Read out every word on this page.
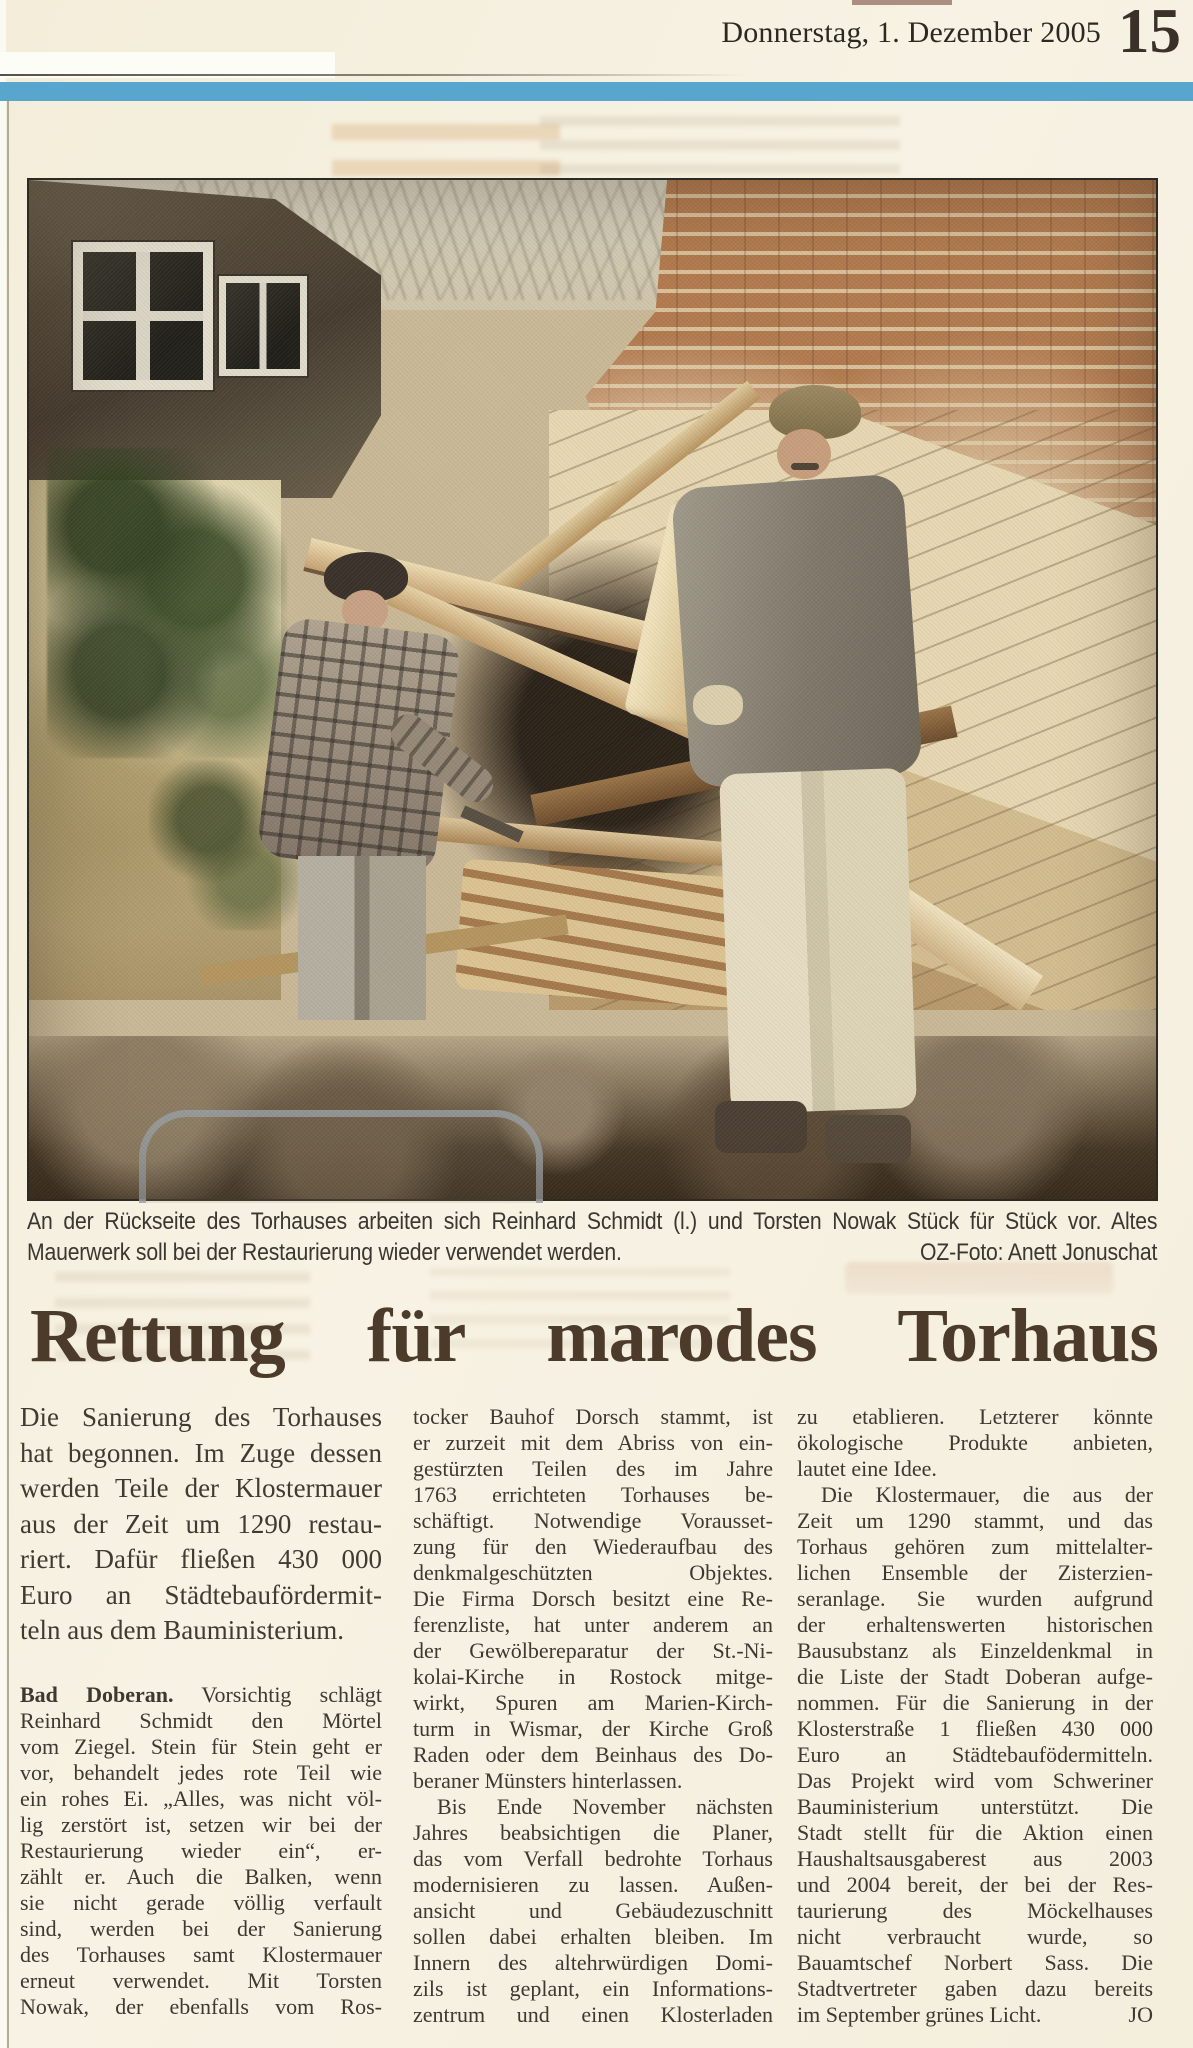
Donnerstag, 1. Dezember 2005 15
An der Rückseite des Torhauses arbeiten sich Reinhard Schmidt (l.) und Torsten Nowak Stück für Stück vor. Altes
Mauerwerk soll bei der Restaurierung wieder verwendet werden.	OZ-Foto: Anett Jonuschat
Rettung für marodes Torhaus
Die Sanierung des Torhauses
hat begonnen. Im Zuge dessen
werden Teile der Klostermauer
aus der Zeit um 1290 restau-
riert. Dafür fließen 430 000
Euro an Städtebaufördermit-
teln aus dem Bauministerium.
Bad Doberan. Vorsichtig schlägt
Reinhard Schmidt den Mörtel
vom Ziegel. Stein für Stein geht er
vor, behandelt jedes rote Teil wie
ein rohes Ei. „Alles, was nicht völ-
lig zerstört ist, setzen wir bei der
Restaurierung wieder ein“, er-
zählt er. Auch die Balken, wenn
sie nicht gerade völlig verfault
sind, werden bei der Sanierung
des Torhauses samt Klostermauer
erneut verwendet. Mit Torsten
Nowak, der ebenfalls vom Ros-
tocker Bauhof Dorsch stammt, ist
er zurzeit mit dem Abriss von ein-
gestürzten Teilen des im Jahre
1763 errichteten Torhauses be-
schäftigt. Notwendige Vorausset-
zung für den Wiederaufbau des
denkmalgeschützten Objektes.
Die Firma Dorsch besitzt eine Re-
ferenzliste, hat unter anderem an
der Gewölbereparatur der St.-Ni-
kolai-Kirche in Rostock mitge-
wirkt, Spuren am Marien-Kirch-
turm in Wismar, der Kirche Groß
Raden oder dem Beinhaus des Do-
beraner Münsters hinterlassen.
Bis Ende November nächsten
Jahres beabsichtigen die Planer,
das vom Verfall bedrohte Torhaus
modernisieren zu lassen. Außen-
ansicht und Gebäudezuschnitt
sollen dabei erhalten bleiben. Im
Innern des altehrwürdigen Domi-
zils ist geplant, ein Informations-
zentrum und einen Klosterladen
zu etablieren. Letzterer könnte
ökologische Produkte anbieten,
lautet eine Idee.
Die Klostermauer, die aus der
Zeit um 1290 stammt, und das
Torhaus gehören zum mittelalter-
lichen Ensemble der Zisterzien-
seranlage. Sie wurden aufgrund
der erhaltenswerten historischen
Bausubstanz als Einzeldenkmal in
die Liste der Stadt Doberan aufge-
nommen. Für die Sanierung in der
Klosterstraße 1 fließen 430 000
Euro an Städtebaufödermitteln.
Das Projekt wird vom Schweriner
Bauministerium unterstützt. Die
Stadt stellt für die Aktion einen
Haushaltsausgaberest aus 2003
und 2004 bereit, der bei der Res-
taurierung des Möckelhauses
nicht verbraucht wurde, so
Bauamtschef Norbert Sass. Die
Stadtvertreter gaben dazu bereits
im September grünes Licht.	JO
